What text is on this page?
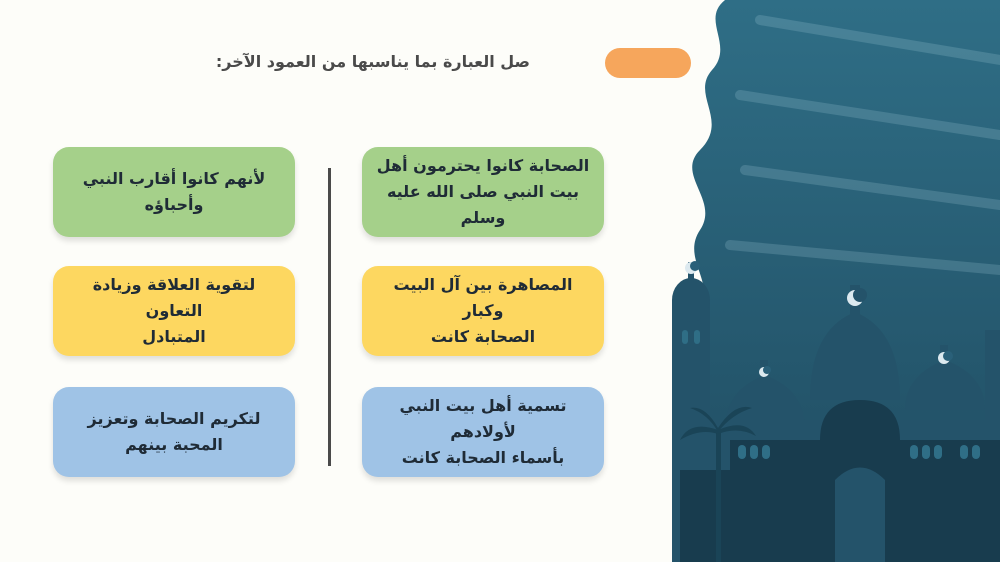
صل العبارة بما يناسبها من العمود الآخر:
الصحابة كانوا يحترمون أهل
بيت النبي صلى الله عليه وسلم
المصاهرة بين آل البيت وكبار
الصحابة كانت
تسمية أهل بيت النبي لأولادهم
بأسماء الصحابة كانت
لأنهم كانوا أقارب النبي
وأحباؤه
لتقوية العلاقة وزيادة التعاون
المتبادل
لتكريم الصحابة وتعزيز
المحبة بينهم
